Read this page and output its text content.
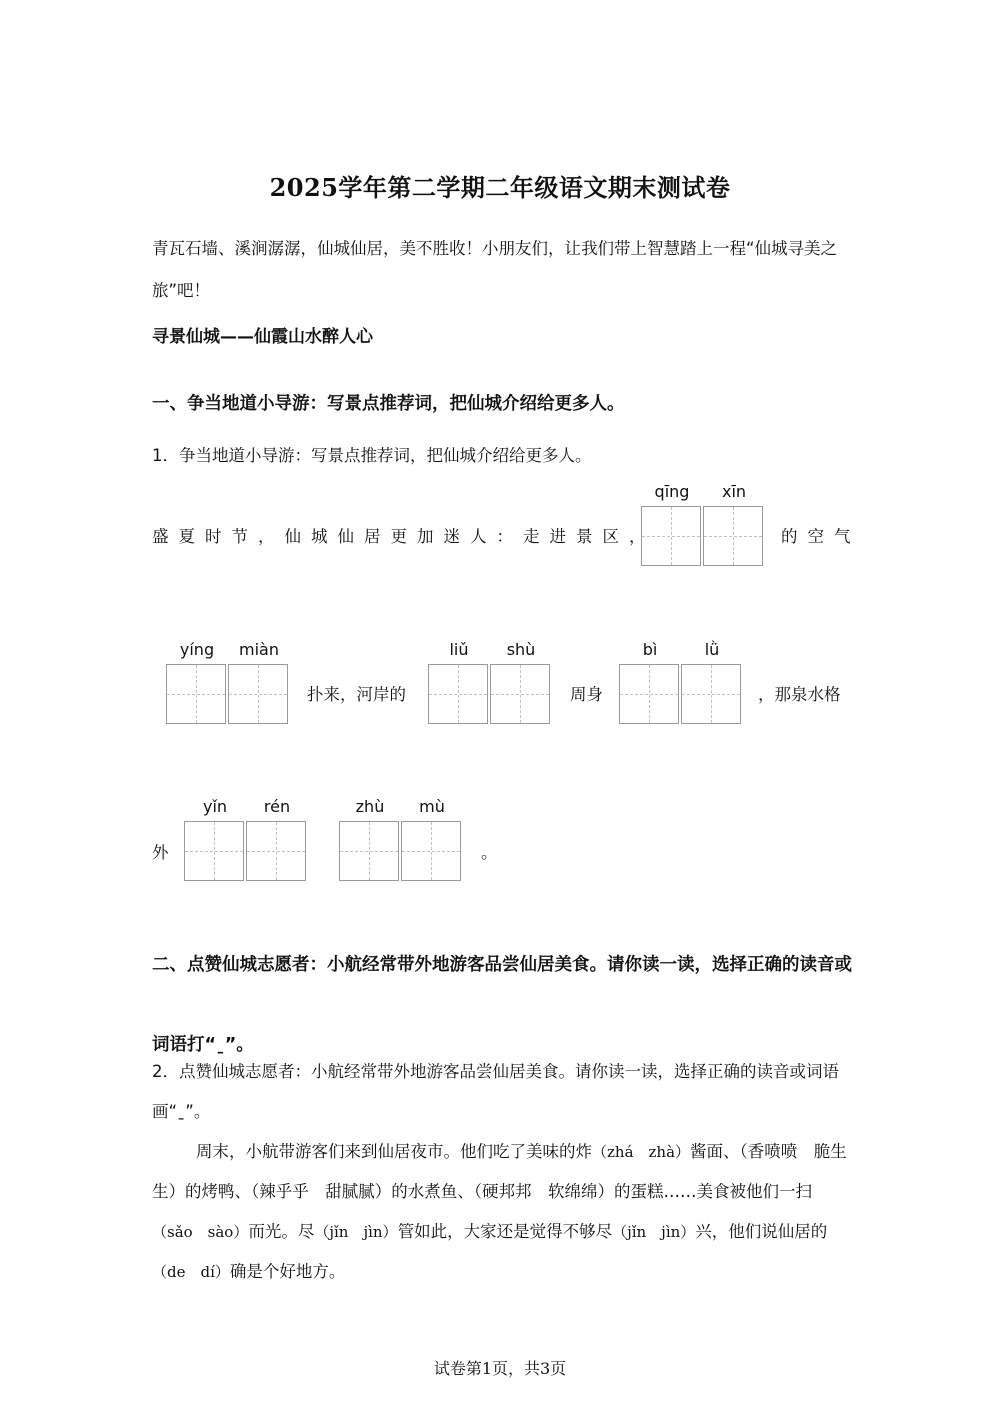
2025学年第二学期二年级语文期末测试卷
青瓦石墙、溪涧潺潺，仙城仙居，美不胜收！小朋友们，让我们带上智慧踏上一程“仙城寻美之旅”吧！
寻景仙城——仙霞山水醉人心
一、争当地道小导游：写景点推荐词，把仙城介绍给更多人。
1．争当地道小导游：写景点推荐词，把仙城介绍给更多人。
盛夏时节，仙城仙居更加迷人：走进景区，
qīng	xīn
的空气
yíng	miàn
扑来，河岸的
liǔ	shù
周身
bì	lǜ
，那泉水格
外
yǐn	rén	zhù	mù
。
二、点赞仙城志愿者：小航经常带外地游客品尝仙居美食。请你读一读，选择正确的读音或词语打“ˍ”。
2．点赞仙城志愿者：小航经常带外地游客品尝仙居美食。请你读一读，选择正确的读音或词语画“ˍ”。
周末，小航带游客们来到仙居夜市。他们吃了美味的炸（zhá　zhà）酱面、（香喷喷　脆生生）的烤鸭、（辣乎乎　甜腻腻）的水煮鱼、（硬邦邦　软绵绵）的蛋糕……美食被他们一扫（sǎo　sào）而光。尽（jǐn　jìn）管如此，大家还是觉得不够尽（jǐn　jìn）兴，他们说仙居的（de　dí）确是个好地方。
试卷第1页，共3页
